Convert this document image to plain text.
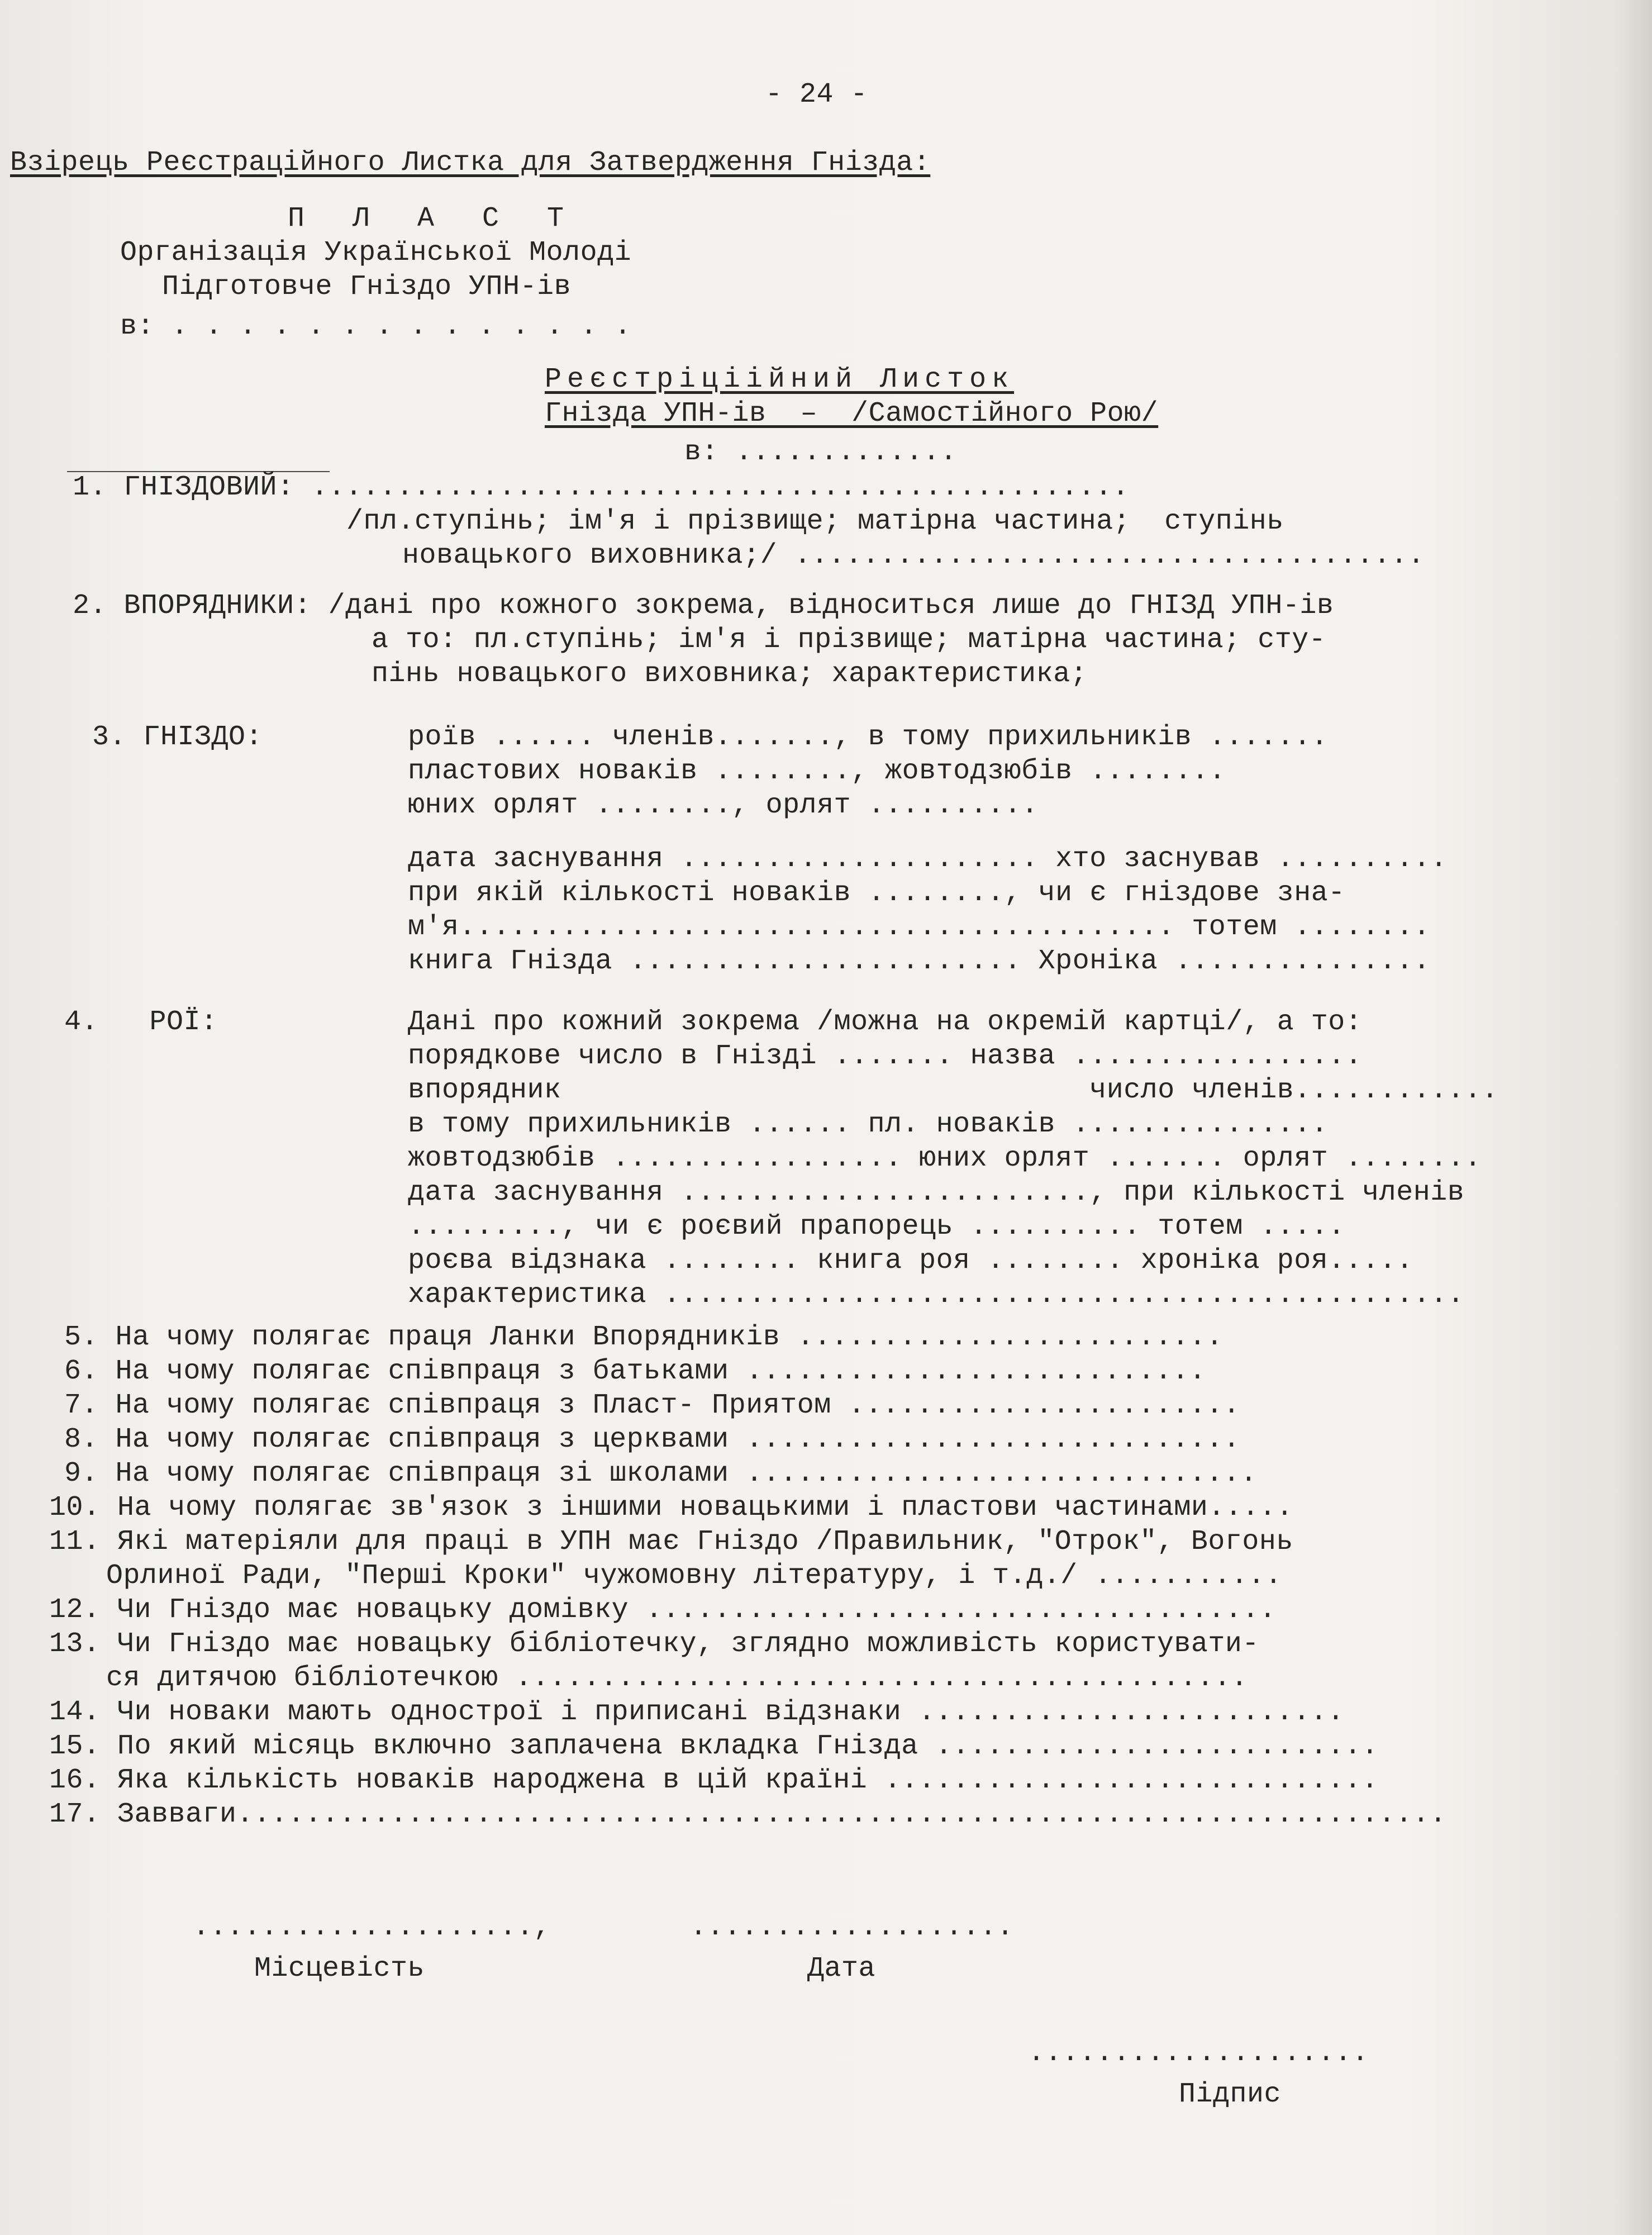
- 24 -
Взірець Реєстраційного Листка для Затвердження Гнізда:
П Л А С Т
Організація Української Молоді
Підготовче Гніздо УПН-ів
в: . . . . . . . . . . . . . .
Реєстріціійний Листок
Гнізда УПН-ів  –  /Самостійного Рою/
в: .............
1. ГНІЗДОВИЙ: ................................................
/пл.ступінь; ім'я і прізвище; матірна частина;  ступінь
новацького виховника;/ .....................................
2. ВПОРЯДНИКИ: /дані про кожного зокрема, відноситься лише до ГНІЗД УПН-ів
а то: пл.ступінь; ім'я і прізвище; матірна частина; сту-
пінь новацького виховника; характеристика;
3. ГНІЗДО:	роїв ...... членів......., в тому прихильників .......
пластових новаків ........, жовтодзюбів ........
юних орлят ........, орлят ..........
дата заснування ..................... хто заснував ..........
при якій кількості новаків ........, чи є гніздове зна-
м'я.......................................... тотем ........
книга Гнізда ....................... Хроніка ...............
4.   РОЇ:	Дані про кожний зокрема /можна на окремій картці/, а то:
порядкове число в Гнізді ....... назва .................
впорядник                               число членів............
в тому прихильників ...... пл. новаків ...............
жовтодзюбів ................. юних орлят ....... орлят ........
дата заснування ........................, при кількості членів
........., чи є роєвий прапорець .......... тотем .....
роєва відзнака ........ книга роя ........ хроніка роя.....
характеристика ...............................................
5. На чому полягає праця Ланки Впорядників .........................
6. На чому полягає співпраця з батьками ...........................
7. На чому полягає співпраця з Пласт- Приятом .......................
8. На чому полягає співпраця з церквами .............................
9. На чому полягає співпраця зі школами ..............................
10. На чому полягає зв'язок з іншими новацькими і пластови частинами.....
11. Які матеріяли для праці в УПН має Гніздо /Правильник, "Отрок", Вогонь
Орлиної Ради, "Перші Кроки" чужомовну літературу, і т.д./ ...........
12. Чи Гніздо має новацьку домівку .....................................
13. Чи Гніздо має новацьку бібліотечку, зглядно можливість користувати-
ся дитячою бібліотечкою ...........................................
14. Чи новаки мають однострої і приписані відзнаки .........................
15. По який місяць включно заплачена вкладка Гнізда ..........................
16. Яка кількість новаків народжена в цій країні .............................
17. Завваги.......................................................................
....................,	...................
Місцевість	Дата
....................
Підпис
